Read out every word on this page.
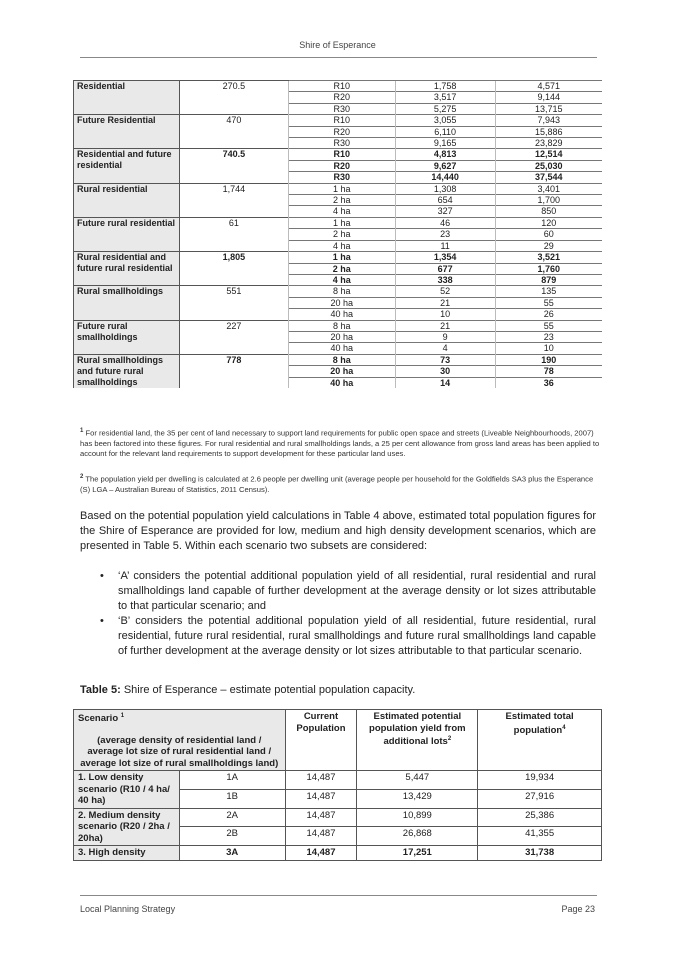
Shire of Esperance
Residential	270.5	R10	1,758	4,571
		R20	3,517	9,144
		R30	5,275	13,715
Future Residential	470	R10	3,055	7,943
		R20	6,110	15,886
		R30	9,165	23,829
Residential and future residential	740.5	R10	4,813	12,514
		R20	9,627	25,030
		R30	14,440	37,544
Rural residential	1,744	1 ha	1,308	3,401
		2 ha	654	1,700
		4 ha	327	850
Future rural residential	61	1 ha	46	120
		2 ha	23	60
		4 ha	11	29
Rural residential and future rural residential	1,805	1 ha	1,354	3,521
		2 ha	677	1,760
		4 ha	338	879
Rural smallholdings	551	8 ha	52	135
		20 ha	21	55
		40 ha	10	26
Future rural smallholdings	227	8 ha	21	55
		20 ha	9	23
		40 ha	4	10
Rural smallholdings and future rural smallholdings	778	8 ha	73	190
		20 ha	30	78
		40 ha	14	36
$^1$ For residential land, the 35 per cent of land necessary to support land requirements for public open space and streets (Liveable Neighbourhoods, 2007) has been factored into these figures. For rural residential and rural smallholdings lands, a 25 per cent allowance from gross land areas has been applied to account for the relevant land requirements to support development for these particular land uses.
$^2$ The population yield per dwelling is calculated at 2.6 people per dwelling unit (average people per household for the Goldfields SA3 plus the Esperance (S) LGA – Australian Bureau of Statistics, 2011 Census).
Based on the potential population yield calculations in Table 4 above, estimated total population figures for the Shire of Esperance are provided for low, medium and high density development scenarios, which are presented in Table 5. Within each scenario two subsets are considered:
• ‘A’ considers the potential additional population yield of all residential, rural residential and rural smallholdings land capable of further development at the average density or lot sizes attributable to that particular scenario; and
• ‘B’ considers the potential additional population yield of all residential, future residential, rural residential, future rural residential, rural smallholdings and future rural smallholdings land capable of further development at the average density or lot sizes attributable to that particular scenario.
Table 5: Shire of Esperance – estimate potential population capacity.
Scenario $^1$
(average density of residential land / average lot size of rural residential land / average lot size of rural smallholdings land)		Current Population	Estimated potential population yield from additional lots$^2$	Estimated total population$^4$
1. Low density scenario (R10 / 4 ha/ 40 ha)	1A	14,487	5,447	19,934
	1B	14,487	13,429	27,916
2. Medium density scenario (R20 / 2ha / 20ha)	2A	14,487	10,899	25,386
	2B	14,487	26,868	41,355
3. High density	3A	14,487	17,251	31,738
Local Planning Strategy	Page 23
